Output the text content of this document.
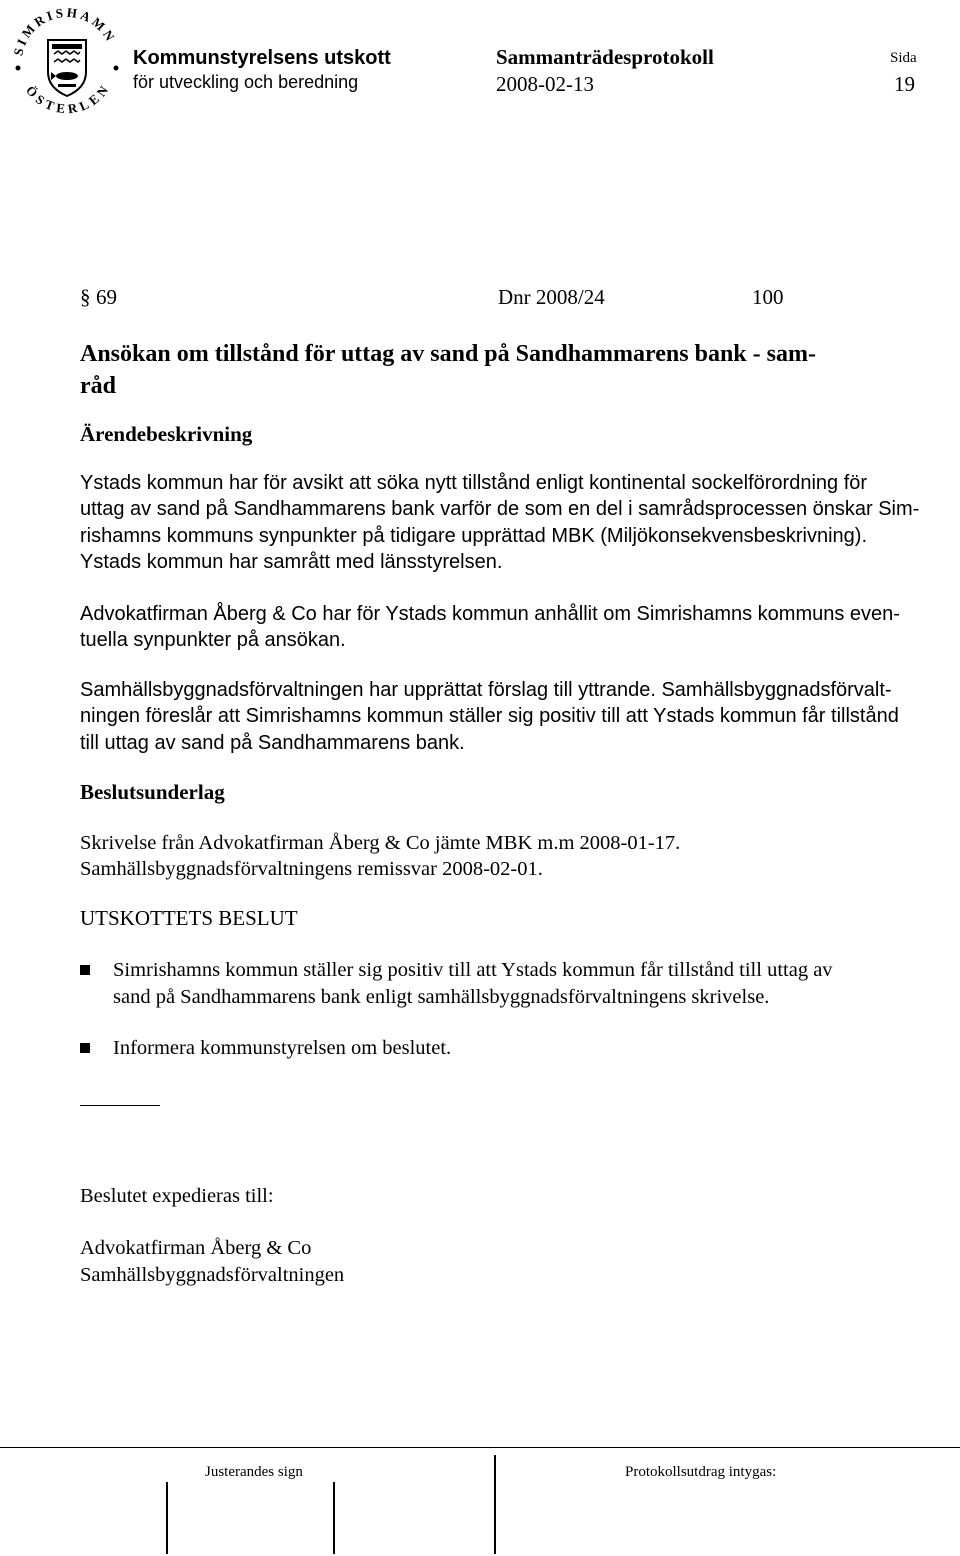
SIMRISHAMN
ÖSTERLEN
Kommunstyrelsens utskott
för utveckling och beredning
Sammanträdesprotokoll
2008-02-13
Sida
19
§ 69	Dnr 2008/24	100
Ansökan om tillstånd för uttag av sand på Sandhammarens bank - sam-
råd
Ärendebeskrivning

Ystads kommun har för avsikt att söka nytt tillstånd enligt kontinental sockelförordning för
uttag av sand på Sandhammarens bank varför de som en del i samrådsprocessen önskar Sim-
rishamns kommuns synpunkter på tidigare upprättad MBK (Miljökonsekvensbeskrivning).
Ystads kommun har samrått med länsstyrelsen.

Advokatfirman Åberg & Co har för Ystads kommun anhållit om Simrishamns kommuns even-
tuella synpunkter på ansökan.

Samhällsbyggnadsförvaltningen har upprättat förslag till yttrande. Samhällsbyggnadsförvalt-
ningen föreslår att Simrishamns kommun ställer sig positiv till att Ystads kommun får tillstånd
till uttag av sand på Sandhammarens bank.

Beslutsunderlag

Skrivelse från Advokatfirman Åberg & Co jämte MBK m.m 2008-01-17.
Samhällsbyggnadsförvaltningens remissvar 2008-02-01.

UTSKOTTETS BESLUT
Simrishamns kommun ställer sig positiv till att Ystads kommun får tillstånd till uttag av
sand på Sandhammarens bank enligt samhällsbyggnadsförvaltningens skrivelse.
Informera kommunstyrelsen om beslutet.
Beslutet expedieras till:
Advokatfirman Åberg & Co
Samhällsbyggnadsförvaltningen
Justerandes sign	Protokollsutdrag intygas:
